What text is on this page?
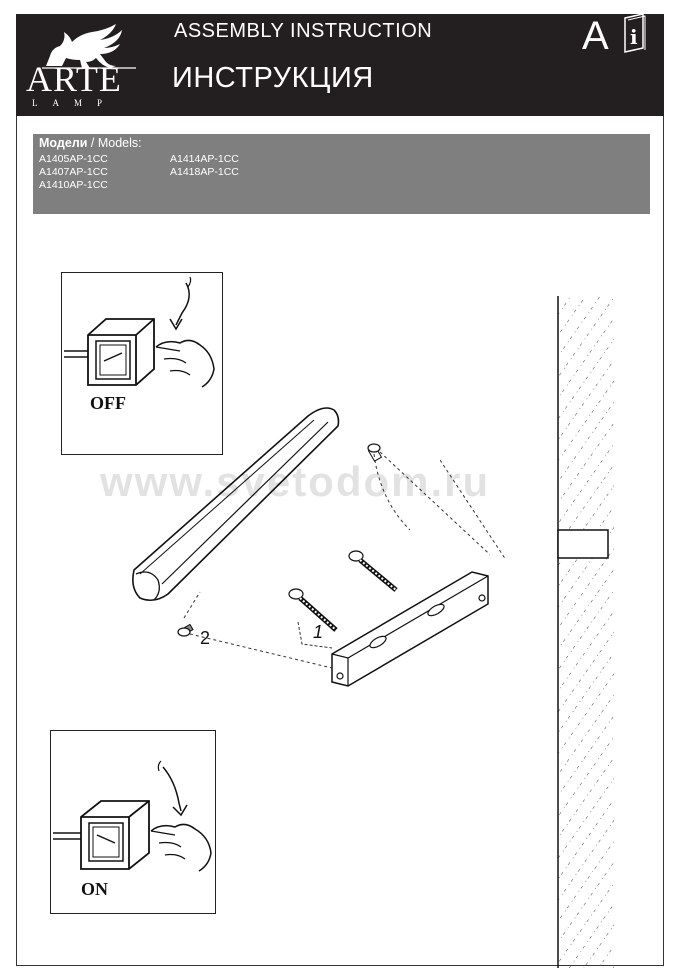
ARTE
LAMP
ASSEMBLY INSTRUCTION
ИНСТРУКЦИЯ
A i
Модели / Models:
A1405AP-1CC
A1407AP-1CC
A1410AP-1CC
A1414AP-1CC
A1418AP-1CC
OFF
ON
1
2
www.svetodom.ru
